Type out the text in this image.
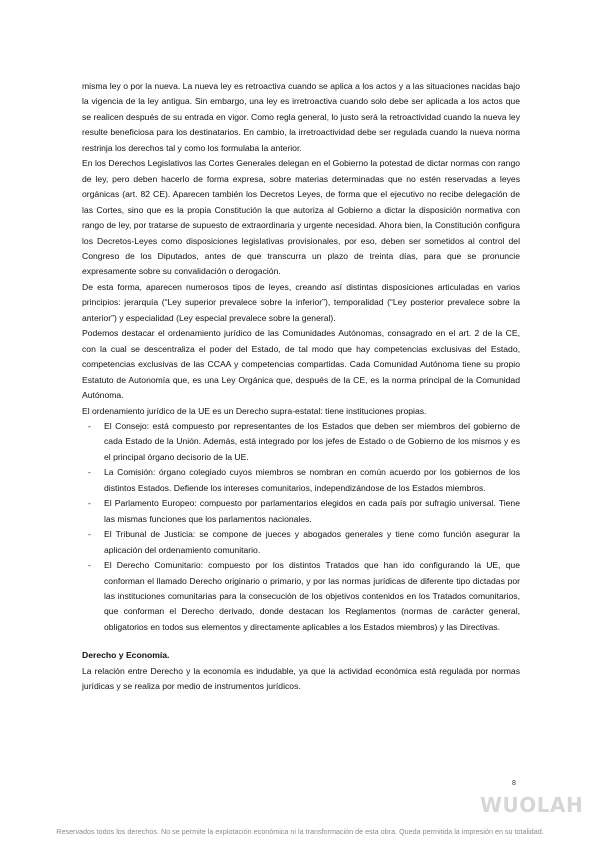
misma ley o por la nueva. La nueva ley es retroactiva cuando se aplica a los actos y a las situaciones nacidas bajo la vigencia de la ley antigua. Sin embargo, una ley es irretroactiva cuando solo debe ser aplicada a los actos que se realicen después de su entrada en vigor. Como regla general, lo justo será la retroactividad cuando la nueva ley resulte beneficiosa para los destinatarios. En cambio, la irretroactividad debe ser regulada cuando la nueva norma restrinja los derechos tal y como los formulaba la anterior.

En los Derechos Legislativos las Cortes Generales delegan en el Gobierno la potestad de dictar normas con rango de ley, pero deben hacerlo de forma expresa, sobre materias determinadas que no estén reservadas a leyes orgánicas (art. 82 CE). Aparecen también los Decretos Leyes, de forma que el ejecutivo no recibe delegación de las Cortes, sino que es la propia Constitución la que autoriza al Gobierno a dictar la disposición normativa con rango de ley, por tratarse de supuesto de extraordinaria y urgente necesidad. Ahora bien, la Constitución configura los Decretos-Leyes como disposiciones legislativas provisionales, por eso, deben ser sometidos al control del Congreso de los Diputados, antes de que transcurra un plazo de treinta días, para que se pronuncie expresamente sobre su convalidación o derogación.

De esta forma, aparecen numerosos tipos de leyes, creando así distintas disposiciones articuladas en varios principios: jerarquía (“Ley superior prevalece sobre la inferior”), temporalidad (“Ley posterior prevalece sobre la anterior”) y especialidad (Ley especial prevalece sobre la general).

Podemos destacar el ordenamiento jurídico de las Comunidades Autónomas, consagrado en el art. 2 de la CE, con la cual se descentraliza el poder del Estado, de tal modo que hay competencias exclusivas del Estado, competencias exclusivas de las CCAA y competencias compartidas. Cada Comunidad Autónoma tiene su propio Estatuto de Autonomía que, es una Ley Orgánica que, después de la CE, es la norma principal de la Comunidad Autónoma.

El ordenamiento jurídico de la UE es un Derecho supra-estatal: tiene instituciones propias.

- El Consejo: está compuesto por representantes de los Estados que deben ser miembros del gobierno de cada Estado de la Unión. Además, está integrado por los jefes de Estado o de Gobierno de los mismos y es el principal órgano decisorio de la UE.
- La Comisión: órgano colegiado cuyos miembros se nombran en común acuerdo por los gobiernos de los distintos Estados. Defiende los intereses comunitarios, independizándose de los Estados miembros.
- El Parlamento Europeo: compuesto por parlamentarios elegidos en cada país por sufragio universal. Tiene las mismas funciones que los parlamentos nacionales.
- El Tribunal de Justicia: se compone de jueces y abogados generales y tiene como función asegurar la aplicación del ordenamiento comunitario.
- El Derecho Comunitario: compuesto por los distintos Tratados que han ido configurando la UE, que conforman el llamado Derecho originario o primario, y por las normas jurídicas de diferente tipo dictadas por las instituciones comunitarias para la consecución de los objetivos contenidos en los Tratados comunitarios, que conforman el Derecho derivado, donde destacan los Reglamentos (normas de carácter general, obligatorios en todos sus elementos y directamente aplicables a los Estados miembros) y las Directivas.

Derecho y Economía.

La relación entre Derecho y la economía es indudable, ya que la actividad económica está regulada por normas jurídicas y se realiza por medio de instrumentos jurídicos.

8
WUOLAH
Reservados todos los derechos. No se permite la explotación económica ni la transformación de esta obra. Queda permitida la impresión en su totalidad.
